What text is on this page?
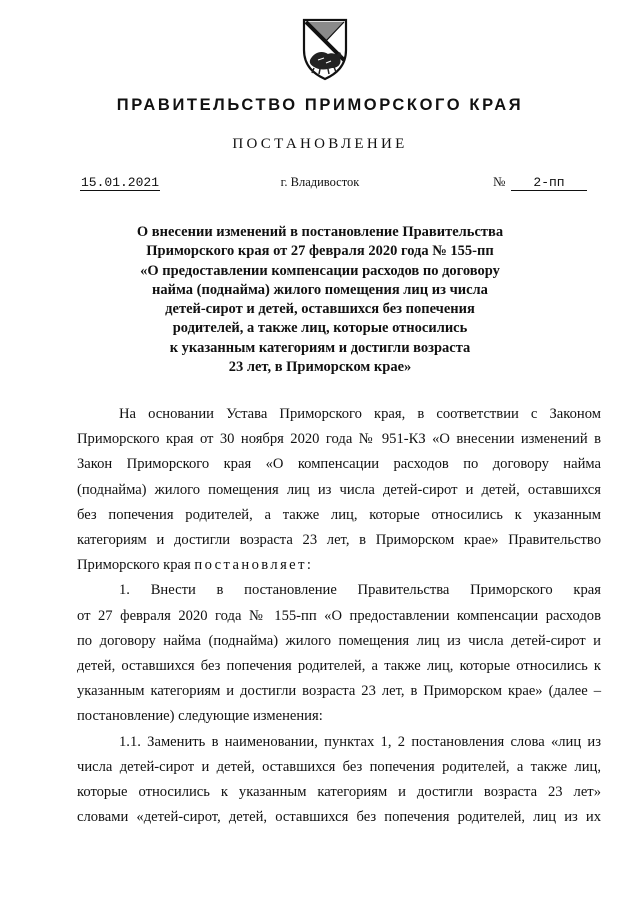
ПРАВИТЕЛЬСТВО ПРИМОРСКОГО КРАЯ
ПОСТАНОВЛЕНИЕ
15.01.2021	г. Владивосток	№	2-пп
О внесении изменений в постановление Правительства
Приморского края от 27 февраля 2020 года № 155-пп
«О предоставлении компенсации расходов по договору
найма (поднайма) жилого помещения лиц из числа
детей-сирот и детей, оставшихся без попечения
родителей, а также лиц, которые относились
к указанным категориям и достигли возраста
23 лет, в Приморском крае»

На основании Устава Приморского края, в соответствии с Законом

Приморского края от 30 ноября 2020 года № 951-КЗ «О внесении изменений в

Закон Приморского края «О компенсации расходов по договору найма

(поднайма) жилого помещения лиц из числа детей-сирот и детей, оставшихся

без попечения родителей, а также лиц, которые относились к указанным

категориям и достигли возраста 23 лет, в Приморском крае» Правительство

Приморского края постановляет:

1. Внести в постановление Правительства Приморского края

от 27 февраля 2020 года № 155-пп «О предоставлении компенсации расходов

по договору найма (поднайма) жилого помещения лиц из числа детей-сирот и

детей, оставшихся без попечения родителей, а также лиц, которые относились к

указанным категориям и достигли возраста 23 лет, в Приморском крае» (далее –

постановление) следующие изменения:

1.1. Заменить в наименовании, пунктах 1, 2 постановления слова «лиц из

числа детей-сирот и детей, оставшихся без попечения родителей, а также лиц,

которые относились к указанным категориям и достигли возраста 23 лет»

словами «детей-сирот, детей, оставшихся без попечения родителей, лиц из их
